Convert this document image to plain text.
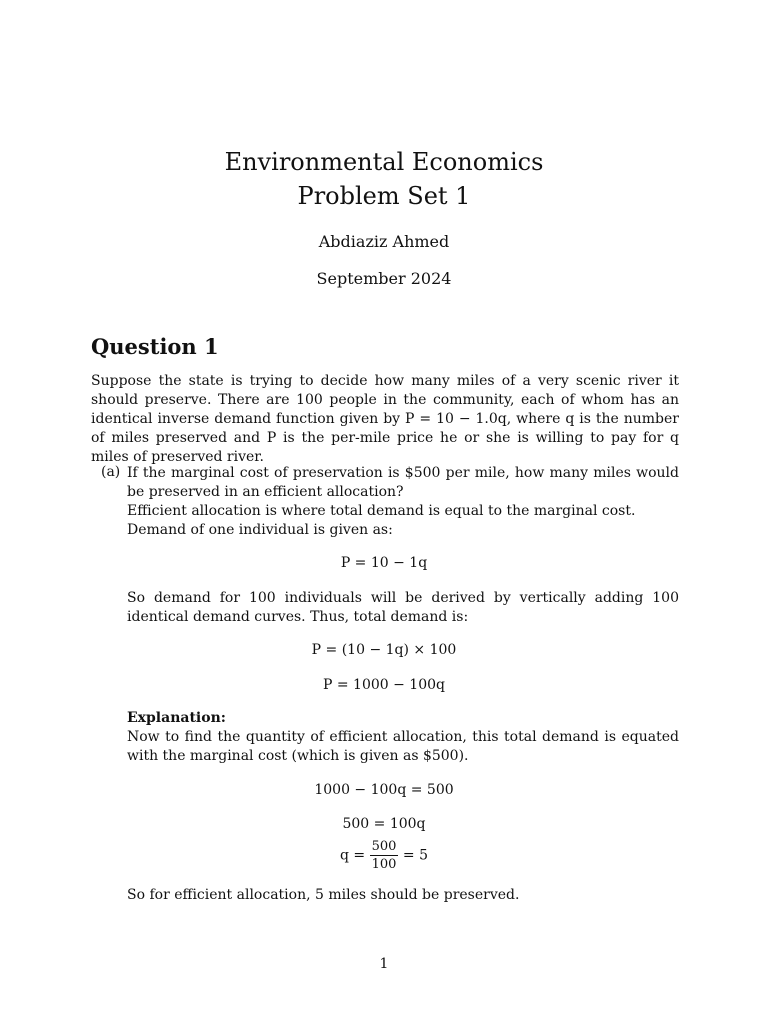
Environmental Economics
Problem Set 1
Abdiaziz Ahmed
September 2024
Question 1
Suppose the state is trying to decide how many miles of a very scenic river it should preserve. There are 100 people in the community, each of whom has an identical inverse demand function given by P = 10 − 1.0q, where q is the number of miles preserved and P is the per-mile price he or she is willing to pay for q miles of preserved river.
(a) If the marginal cost of preservation is $500 per mile, how many miles would be preserved in an efficient allocation?
Efficient allocation is where total demand is equal to the marginal cost.
Demand of one individual is given as:
P = 10 − 1q
So demand for 100 individuals will be derived by vertically adding 100 identical demand curves. Thus, total demand is:
P = (10 − 1q) × 100
P = 1000 − 100q
Explanation:
Now to find the quantity of efficient allocation, this total demand is equated with the marginal cost (which is given as $500).
1000 − 100q = 500
500 = 100q
$q = \frac{500}{100} = 5$
So for efficient allocation, 5 miles should be preserved.
1
